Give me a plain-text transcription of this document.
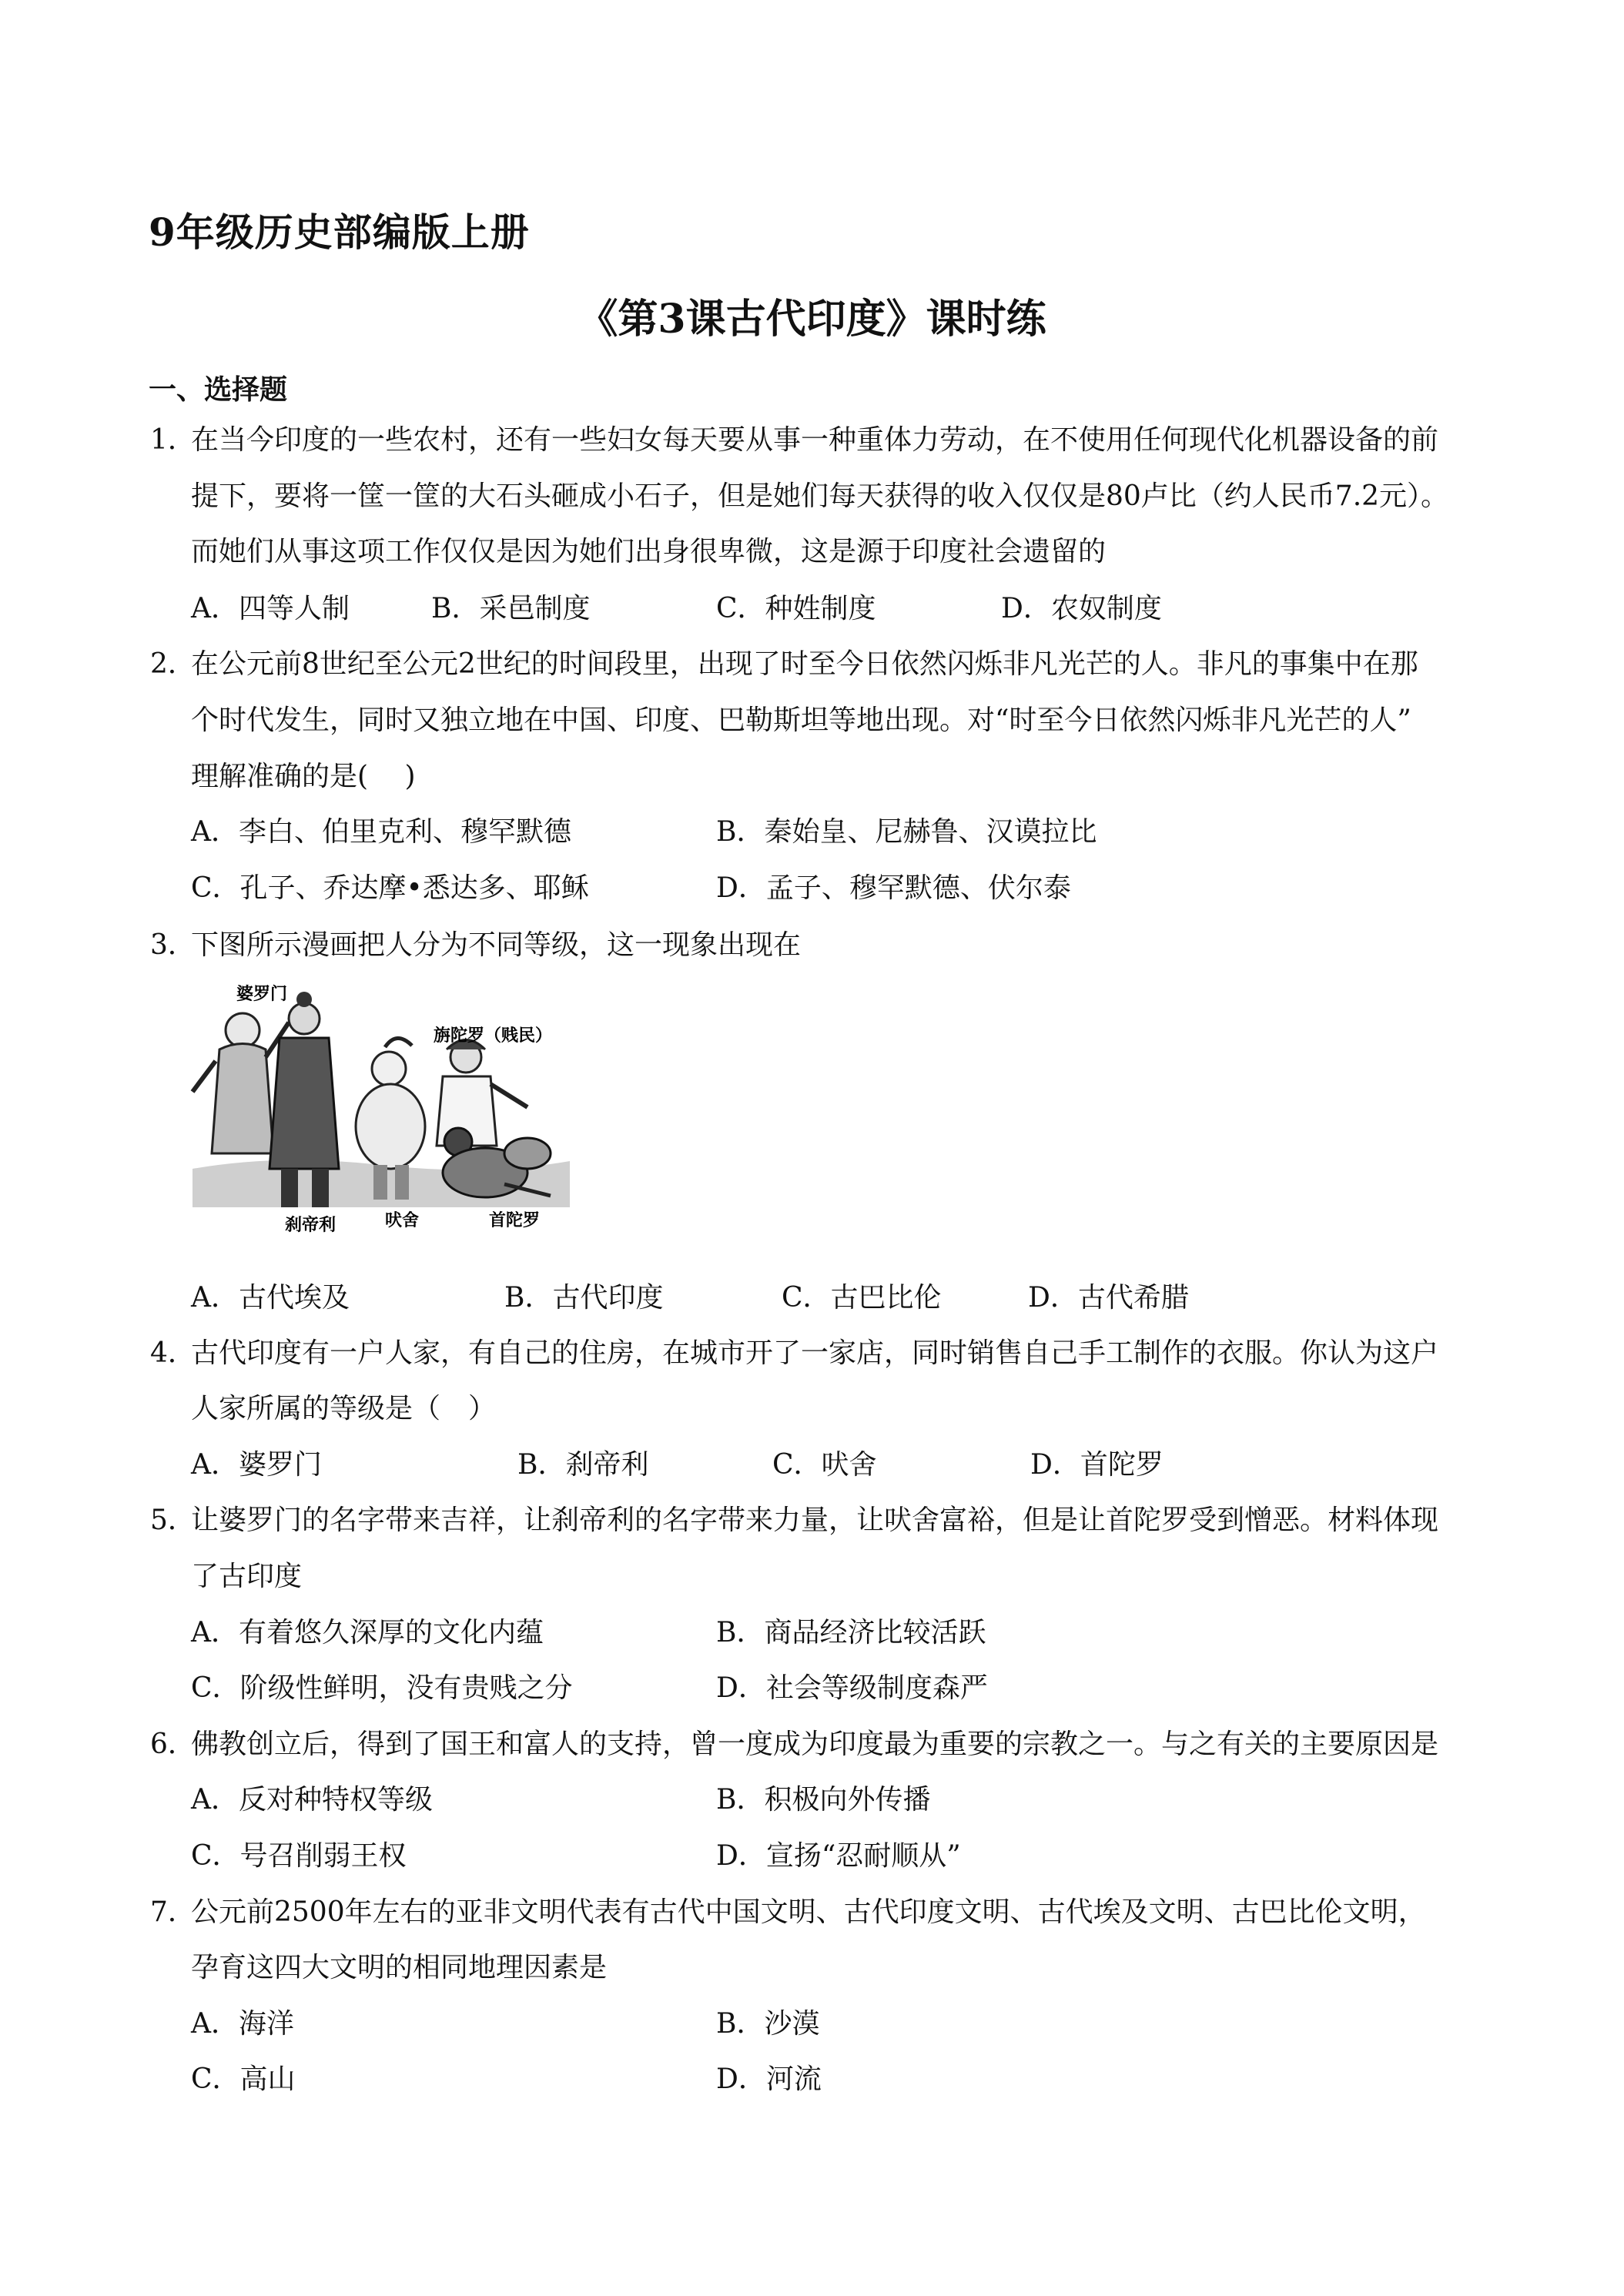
9年级历史部编版上册
《第3课古代印度》课时练
一、选择题
1．
在当今印度的一些农村，还有一些妇女每天要从事一种重体力劳动，在不使用任何现代化机器设备的前
提下，要将一筐一筐的大石头砸成小石子，但是她们每天获得的收入仅仅是80卢比（约人民币7.2元）。
而她们从事这项工作仅仅是因为她们出身很卑微，这是源于印度社会遗留的
A．四等人制	B．采邑制度	C．种姓制度	D．农奴制度
2．
在公元前8世纪至公元2世纪的时间段里，出现了时至今日依然闪烁非凡光芒的人。非凡的事集中在那
个时代发生，同时又独立地在中国、印度、巴勒斯坦等地出现。对“时至今日依然闪烁非凡光芒的人”
理解准确的是(　 )
A．李白、伯里克利、穆罕默德	B．秦始皇、尼赫鲁、汉谟拉比
C．孔子、乔达摩•悉达多、耶稣	D．孟子、穆罕默德、伏尔泰
3．
下图所示漫画把人分为不同等级，这一现象出现在
婆罗门
旃陀罗（贱民）
刹帝利	吠舍	首陀罗
A．古代埃及	B．古代印度	C．古巴比伦	D．古代希腊
4．
古代印度有一户人家，有自己的住房，在城市开了一家店，同时销售自己手工制作的衣服。你认为这户
人家所属的等级是（　）
A．婆罗门	B．刹帝利	C．吠舍	D．首陀罗
5．
让婆罗门的名字带来吉祥，让刹帝利的名字带来力量，让吠舍富裕，但是让首陀罗受到憎恶。材料体现
了古印度
A．有着悠久深厚的文化内蕴	B．商品经济比较活跃
C．阶级性鲜明，没有贵贱之分	D．社会等级制度森严
6．
佛教创立后，得到了国王和富人的支持，曾一度成为印度最为重要的宗教之一。与之有关的主要原因是
A．反对种特权等级	B．积极向外传播
C．号召削弱王权	D．宣扬“忍耐顺从”
7．
公元前2500年左右的亚非文明代表有古代中国文明、古代印度文明、古代埃及文明、古巴比伦文明，
孕育这四大文明的相同地理因素是
A．海洋	B．沙漠
C．高山	D．河流
